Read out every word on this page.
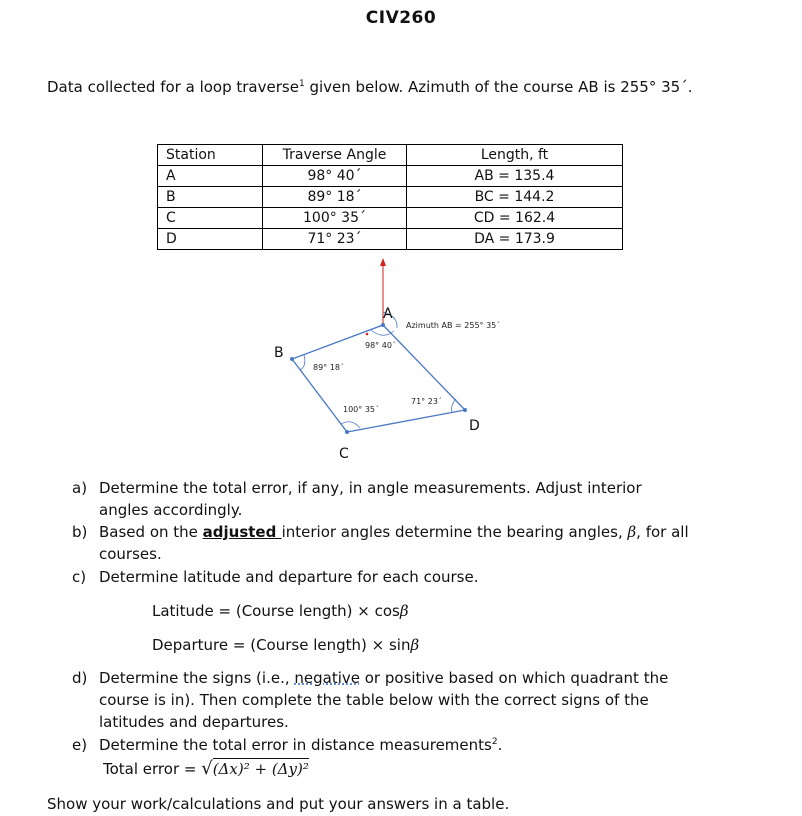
CIV260
Data collected for a loop traverse$^1$ given below. Azimuth of the course AB is 255° 35´.
Station	Traverse Angle	Length, ft
A	98° 40´	AB = 135.4
B	89° 18´	BC = 144.2
C	100° 35´	CD = 162.4
D	71° 23´	DA = 173.9
A
B
C
D
98° 40´
89° 18´
100° 35´
71° 23´
Azimuth AB = 255° 35´
a) Determine the total error, if any, in angle measurements. Adjust interior
angles accordingly.
b) Based on the adjusted interior angles determine the bearing angles, β, for all
courses.
c) Determine latitude and departure for each course.
Latitude = (Course length) × cosβ
Departure = (Course length) × sinβ
d) Determine the signs (i.e., negative or positive based on which quadrant the
course is in). Then complete the table below with the correct signs of the
latitudes and departures.
e) Determine the total error in distance measurements$^2$.
Total error = √(Δx)² + (Δy)²
Show your work/calculations and put your answers in a table.
